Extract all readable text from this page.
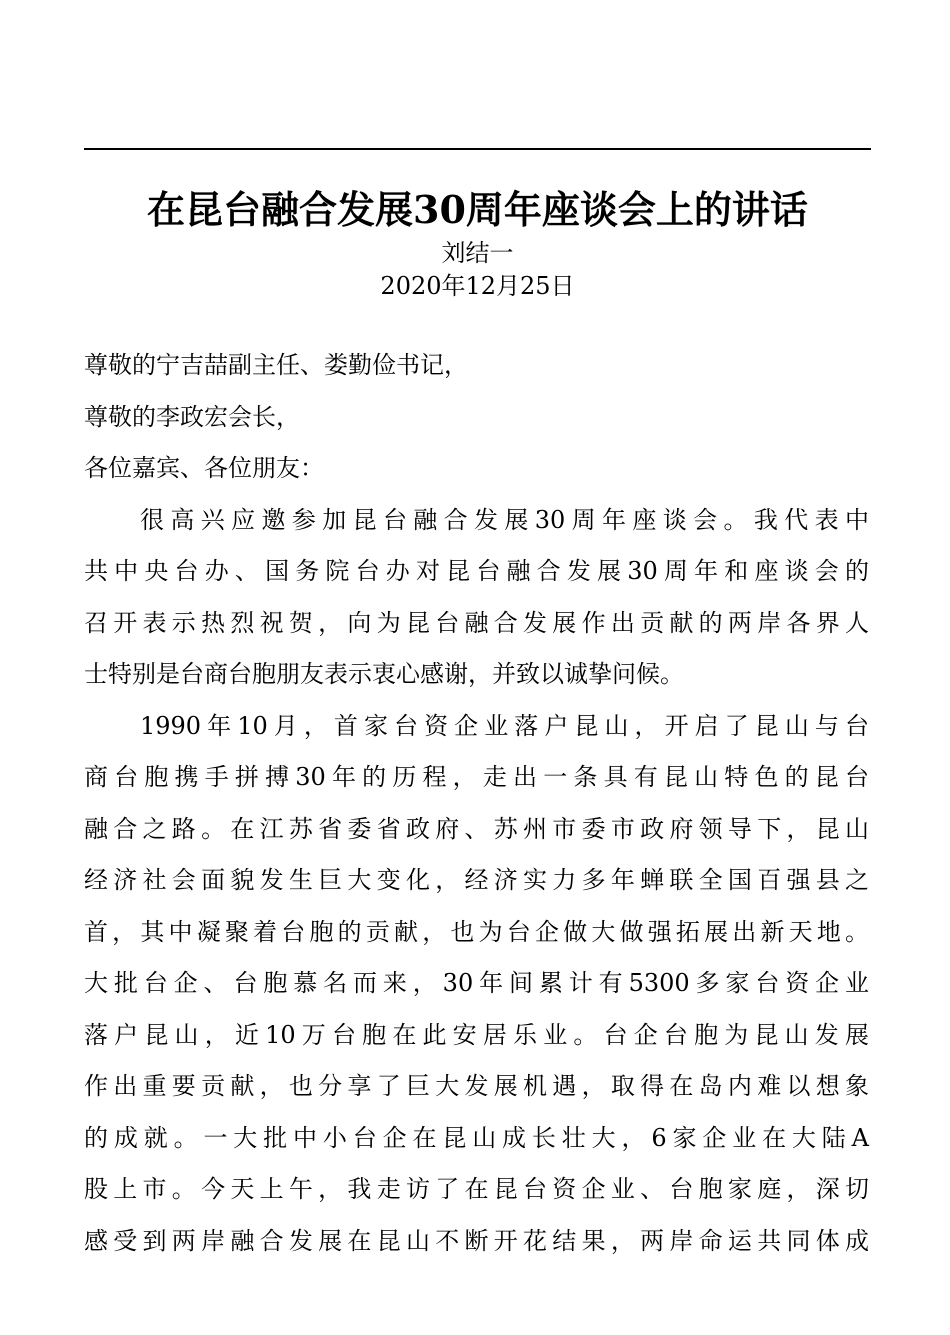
在昆台融合发展30周年座谈会上的讲话
刘结一
2020年12月25日
尊敬的宁吉喆副主任、娄勤俭书记，
尊敬的李政宏会长，
各位嘉宾、各位朋友：
很高兴应邀参加昆台融合发展30周年座谈会。我代表中
共中央台办、国务院台办对昆台融合发展30周年和座谈会的
召开表示热烈祝贺，向为昆台融合发展作出贡献的两岸各界人
士特别是台商台胞朋友表示衷心感谢，并致以诚挚问候。
1990年10月，首家台资企业落户昆山，开启了昆山与台
商台胞携手拼搏30年的历程，走出一条具有昆山特色的昆台
融合之路。在江苏省委省政府、苏州市委市政府领导下，昆山
经济社会面貌发生巨大变化，经济实力多年蝉联全国百强县之
首，其中凝聚着台胞的贡献，也为台企做大做强拓展出新天地。
大批台企、台胞慕名而来，30年间累计有5300多家台资企业
落户昆山，近10万台胞在此安居乐业。台企台胞为昆山发展
作出重要贡献，也分享了巨大发展机遇，取得在岛内难以想象
的成就。一大批中小台企在昆山成长壮大，6家企业在大陆A
股上市。今天上午，我走访了在昆台资企业、台胞家庭，深切
感受到两岸融合发展在昆山不断开花结果，两岸命运共同体成
